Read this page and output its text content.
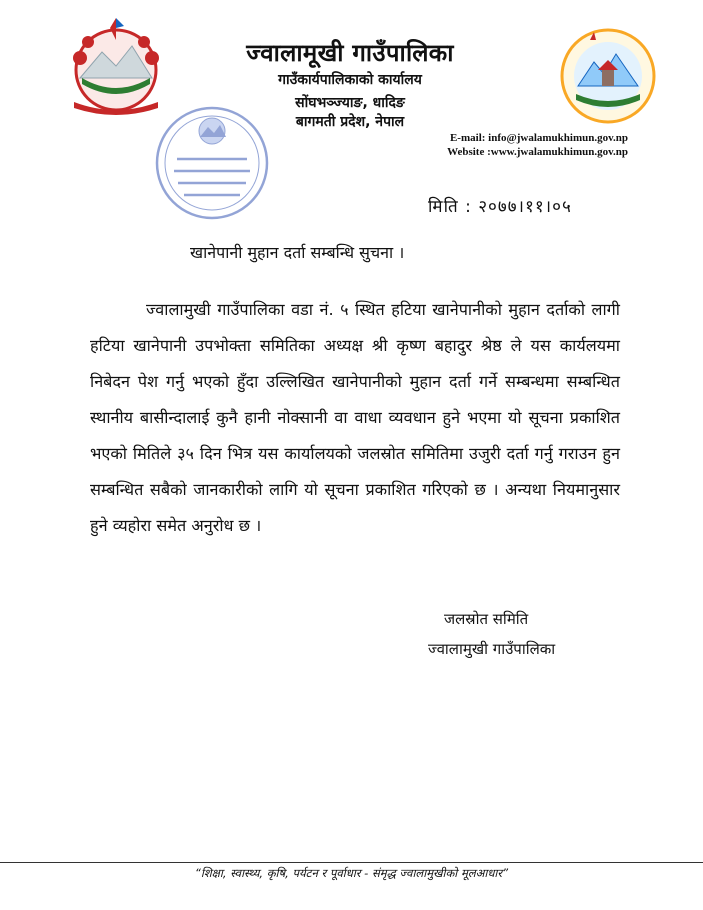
ज्वालामूखी गाउँपालिका
गाउँकार्यपालिकाको कार्यालय
सोंघभञ्ज्याङ, धादिङ
बागमती प्रदेश, नेपाल
E-mail: info@jwalamukhimun.gov.np
Website :www.jwalamukhimun.gov.np
मिति : २०७७।११।०५
खानेपानी मुहान दर्ता सम्बन्धि सुचना ।

ज्वालामुखी गाउँपालिका वडा नं. ५ स्थित हटिया खानेपानीको मुहान दर्ताको लागी हटिया खानेपानी उपभोक्ता समितिका अध्यक्ष श्री कृष्ण बहादुर श्रेष्ठ ले यस कार्यलयमा निबेदन पेश गर्नु भएको हुँदा उल्लिखित खानेपानीको मुहान दर्ता गर्ने सम्बन्धमा सम्बन्धित स्थानीय बासीन्दालाई कुनै हानी नोक्सानी वा वाधा व्यवधान हुने भएमा यो सूचना प्रकाशित भएको मितिले ३५ दिन भित्र यस कार्यालयको जलस्रोत समितिमा उजुरी दर्ता गर्नु गराउन हुन सम्बन्धित सबैको जानकारीको लागि यो सूचना प्रकाशित गरिएको छ । अन्यथा नियमानुसार हुने व्यहोरा समेत अनुरोध छ ।

जलस्रोत समिति
ज्वालामुखी गाउँपालिका
“शिक्षा, स्वास्थ्य, कृषि, पर्यटन र पूर्वाधार - संमृद्ध ज्वालामुखीको मूलआधार”
